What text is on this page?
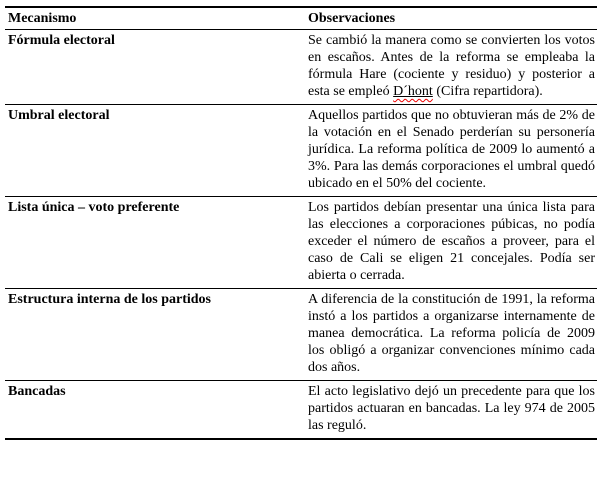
Mecanismo	Observaciones
Fórmula electoral	Se cambió la manera como se convierten los votos en escaños. Antes de la reforma se empleaba la fórmula Hare (cociente y residuo) y posterior a esta se empleó D´hont (Cifra repartidora).
Umbral electoral	Aquellos partidos que no obtuvieran más de 2% de la votación en el Senado perderían su personería jurídica. La reforma política de 2009 lo aumentó a 3%. Para las demás corporaciones el umbral quedó ubicado en el 50% del cociente.
Lista única – voto preferente	Los partidos debían presentar una única lista para las elecciones a corporaciones púbicas, no podía exceder el número de escaños a proveer, para el caso de Cali se eligen 21 concejales. Podía ser abierta o cerrada.
Estructura interna de los partidos	A diferencia de la constitución de 1991, la reforma instó a los partidos a organizarse internamente de manea democrática. La reforma policía de 2009 los obligó a organizar convenciones mínimo cada dos años.
Bancadas	El acto legislativo dejó un precedente para que los partidos actuaran en bancadas. La ley 974 de 2005 las reguló.
